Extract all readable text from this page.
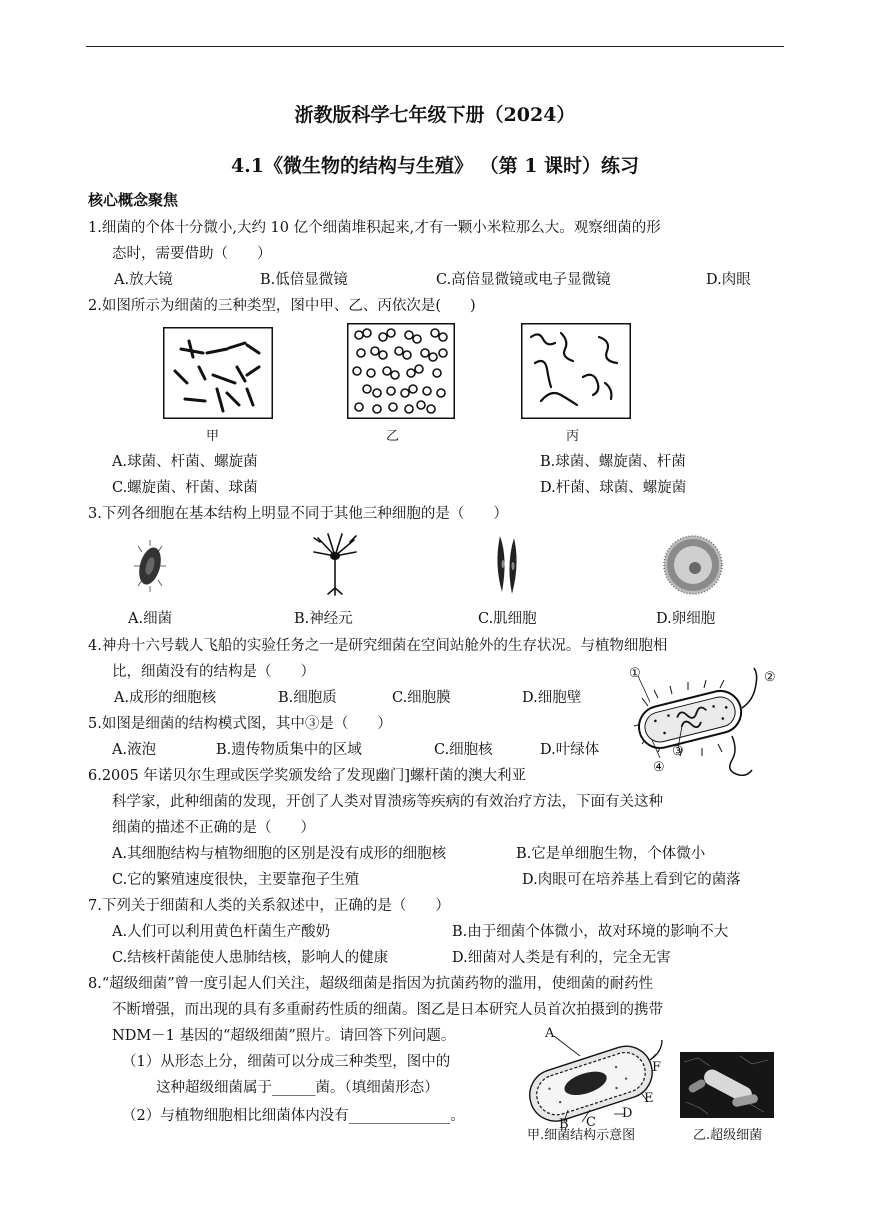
浙教版科学七年级下册（2024）
4.1《微生物的结构与生殖》 （第 1 课时）练习
核心概念聚焦
1.细菌的个体十分微小,大约 10 亿个细菌堆积起来,才有一颗小米粒那么大。观察细菌的形
态时，需要借助（　　）
A.放大镜	B.低倍显微镜	C.高倍显微镜或电子显微镜	D.肉眼
2.如图所示为细菌的三种类型，图中甲、乙、丙依次是(　　)
甲	乙	丙
A.球菌、杆菌、螺旋菌	B.球菌、螺旋菌、杆菌
C.螺旋菌、杆菌、球菌	D.杆菌、球菌、螺旋菌
3.下列各细胞在基本结构上明显不同于其他三种细胞的是（　　）
A.细菌	B.神经元	C.肌细胞	D.卵细胞
4.神舟十六号载人飞船的实验任务之一是研究细菌在空间站舱外的生存状况。与植物细胞相
比，细菌没有的结构是（　　）
A.成形的细胞核	B.细胞质	C.细胞膜	D.细胞壁
5.如图是细菌的结构模式图，其中③是（　　）
A.液泡	B.遗传物质集中的区域	C.细胞核	D.叶绿体
①	②
③
④
6.2005 年诺贝尔生理或医学奖颁发给了发现幽门]螺杆菌的澳大利亚
科学家，此种细菌的发现，开创了人类对胃溃疡等疾病的有效治疗方法，下面有关这种
细菌的描述不正确的是（　　）
A.其细胞结构与植物细胞的区别是没有成形的细胞核	B.它是单细胞生物，个体微小
C.它的繁殖速度很快，主要靠孢子生殖	D.肉眼可在培养基上看到它的菌落
7.下列关于细菌和人类的关系叙述中，正确的是（　　）
A.人们可以利用黄色杆菌生产酸奶	B.由于细菌个体微小，故对环境的影响不大
C.结核杆菌能使人患肺结核，影响人的健康	D.细菌对人类是有利的，完全无害
8.“超级细菌”曾一度引起人们关注，超级细菌是指因为抗菌药物的滥用，使细菌的耐药性
不断增强，而出现的具有多重耐药性质的细菌。图乙是日本研究人员首次拍摄到的携带
NDM－1 基因的“超级细菌”照片。请回答下列问题。
（1）从形态上分，细菌可以分成三种类型，图中的
这种超级细菌属于______菌。（填细菌形态）
（2）与植物细胞相比细菌体内没有______________。
A
B C
D
E
F
甲.细菌结构示意图	乙.超级细菌
